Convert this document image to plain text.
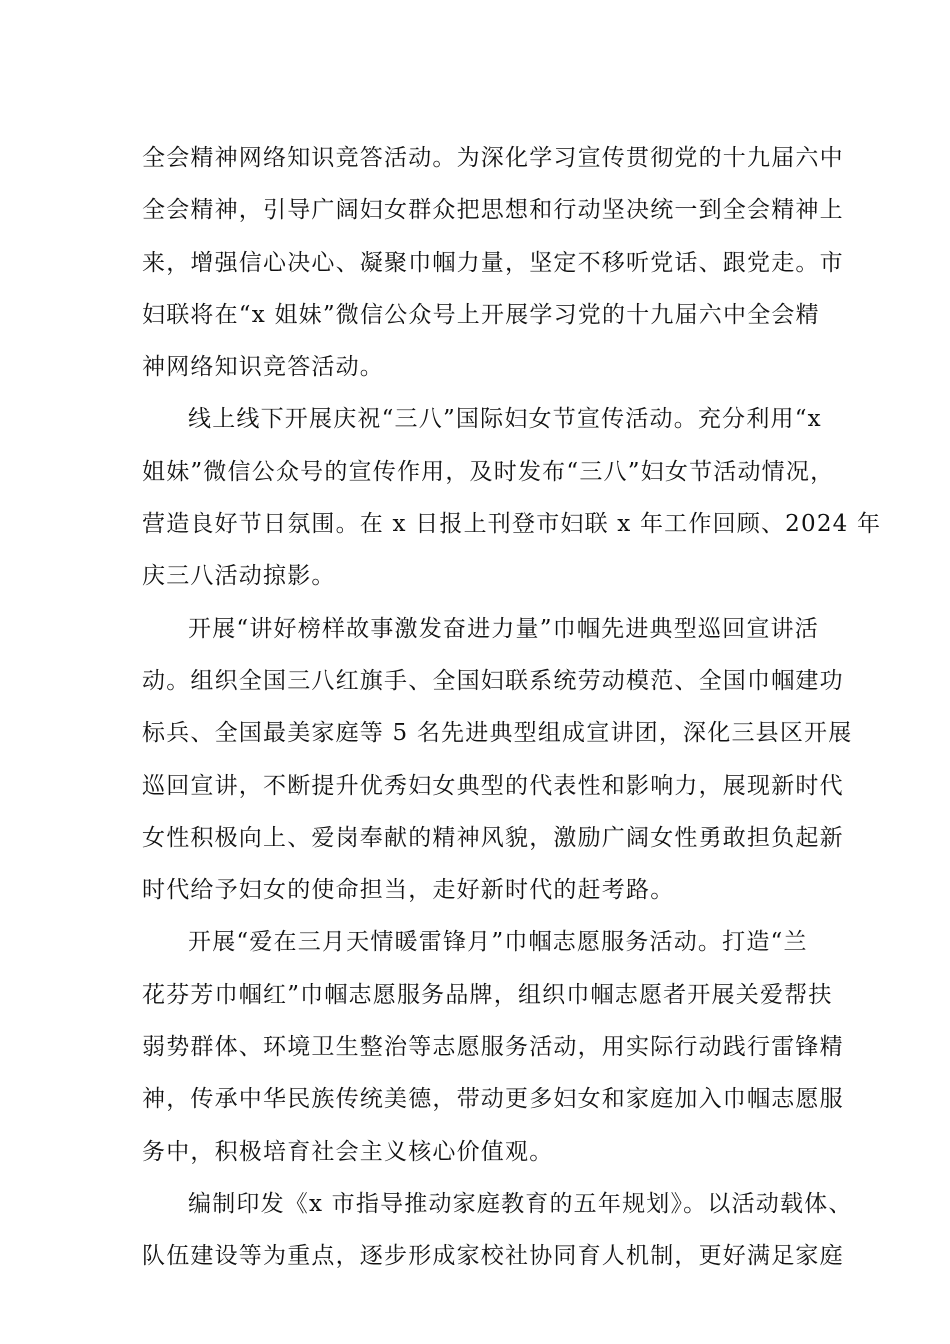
全会精神网络知识竞答活动。为深化学习宣传贯彻党的十九届六中
全会精神，引导广阔妇女群众把思想和行动坚决统一到全会精神上
来，增强信心决心、凝聚巾帼力量，坚定不移听党话、跟党走。市
妇联将在“x 姐妹”微信公众号上开展学习党的十九届六中全会精
神网络知识竞答活动。
线上线下开展庆祝“三八”国际妇女节宣传活动。充分利用“x
姐妹”微信公众号的宣传作用，及时发布“三八”妇女节活动情况，
营造良好节日氛围。在 x 日报上刊登市妇联 x 年工作回顾、2024 年
庆三八活动掠影。
开展“讲好榜样故事激发奋进力量”巾帼先进典型巡回宣讲活
动。组织全国三八红旗手、全国妇联系统劳动模范、全国巾帼建功
标兵、全国最美家庭等 5 名先进典型组成宣讲团，深化三县区开展
巡回宣讲，不断提升优秀妇女典型的代表性和影响力，展现新时代
女性积极向上、爱岗奉献的精神风貌，激励广阔女性勇敢担负起新
时代给予妇女的使命担当，走好新时代的赶考路。
开展“爱在三月天情暖雷锋月”巾帼志愿服务活动。打造“兰
花芬芳巾帼红”巾帼志愿服务品牌，组织巾帼志愿者开展关爱帮扶
弱势群体、环境卫生整治等志愿服务活动，用实际行动践行雷锋精
神，传承中华民族传统美德，带动更多妇女和家庭加入巾帼志愿服
务中，积极培育社会主义核心价值观。
编制印发《x 市指导推动家庭教育的五年规划》。以活动载体、
队伍建设等为重点，逐步形成家校社协同育人机制，更好满足家庭
